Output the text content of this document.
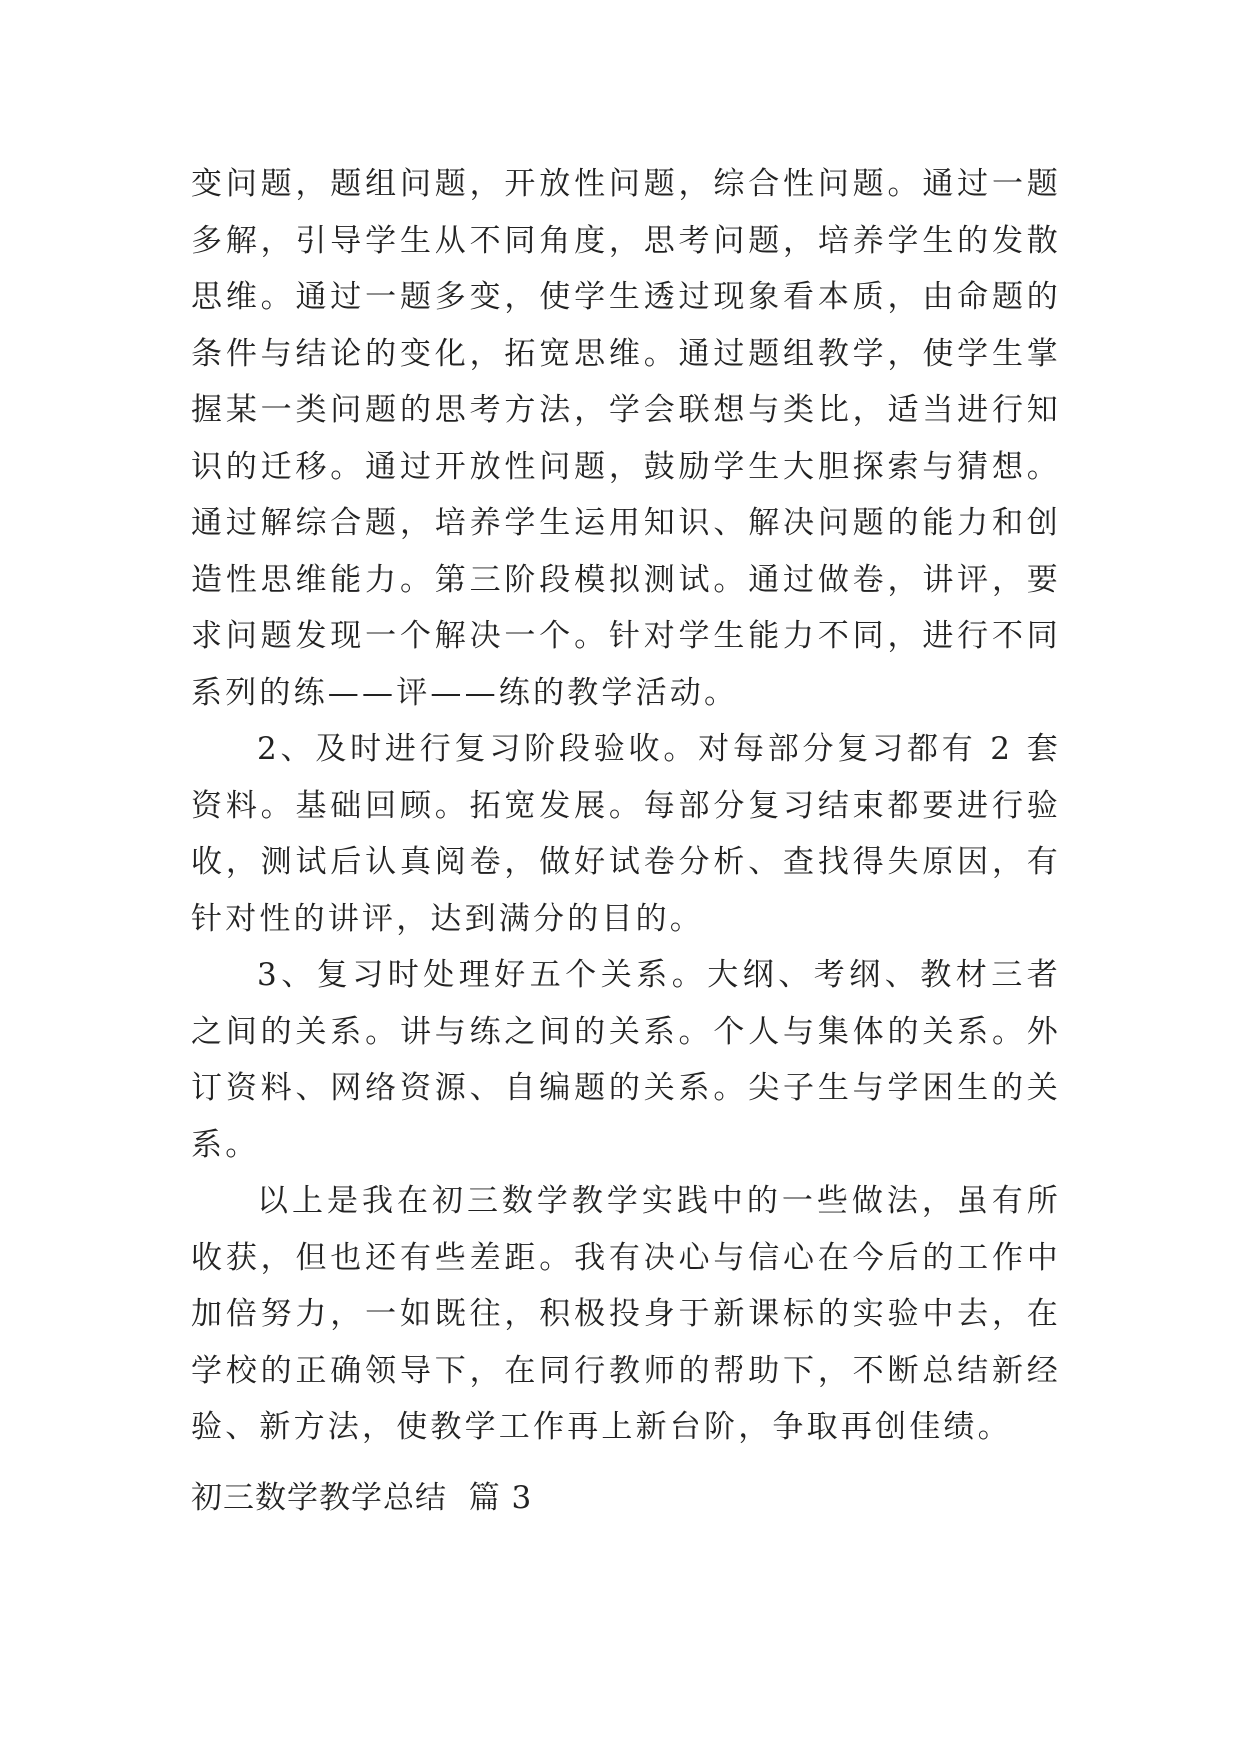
变问题，题组问题，开放性问题，综合性问题。通过一题多解，引导学生从不同角度，思考问题，培养学生的发散思维。通过一题多变，使学生透过现象看本质，由命题的条件与结论的变化，拓宽思维。通过题组教学，使学生掌握某一类问题的思考方法，学会联想与类比，适当进行知识的迁移。通过开放性问题，鼓励学生大胆探索与猜想。通过解综合题，培养学生运用知识、解决问题的能力和创造性思维能力。第三阶段模拟测试。通过做卷，讲评，要求问题发现一个解决一个。针对学生能力不同，进行不同系列的练——评——练的教学活动。

2、及时进行复习阶段验收。对每部分复习都有 2 套资料。基础回顾。拓宽发展。每部分复习结束都要进行验收，测试后认真阅卷，做好试卷分析、查找得失原因，有针对性的讲评，达到满分的目的。

3、复习时处理好五个关系。大纲、考纲、教材三者之间的关系。讲与练之间的关系。个人与集体的关系。外订资料、网络资源、自编题的关系。尖子生与学困生的关系。

以上是我在初三数学教学实践中的一些做法，虽有所收获，但也还有些差距。我有决心与信心在今后的工作中加倍努力，一如既往，积极投身于新课标的实验中去，在学校的正确领导下，在同行教师的帮助下，不断总结新经验、新方法，使教学工作再上新台阶，争取再创佳绩。

初三数学教学总结  篇 3
